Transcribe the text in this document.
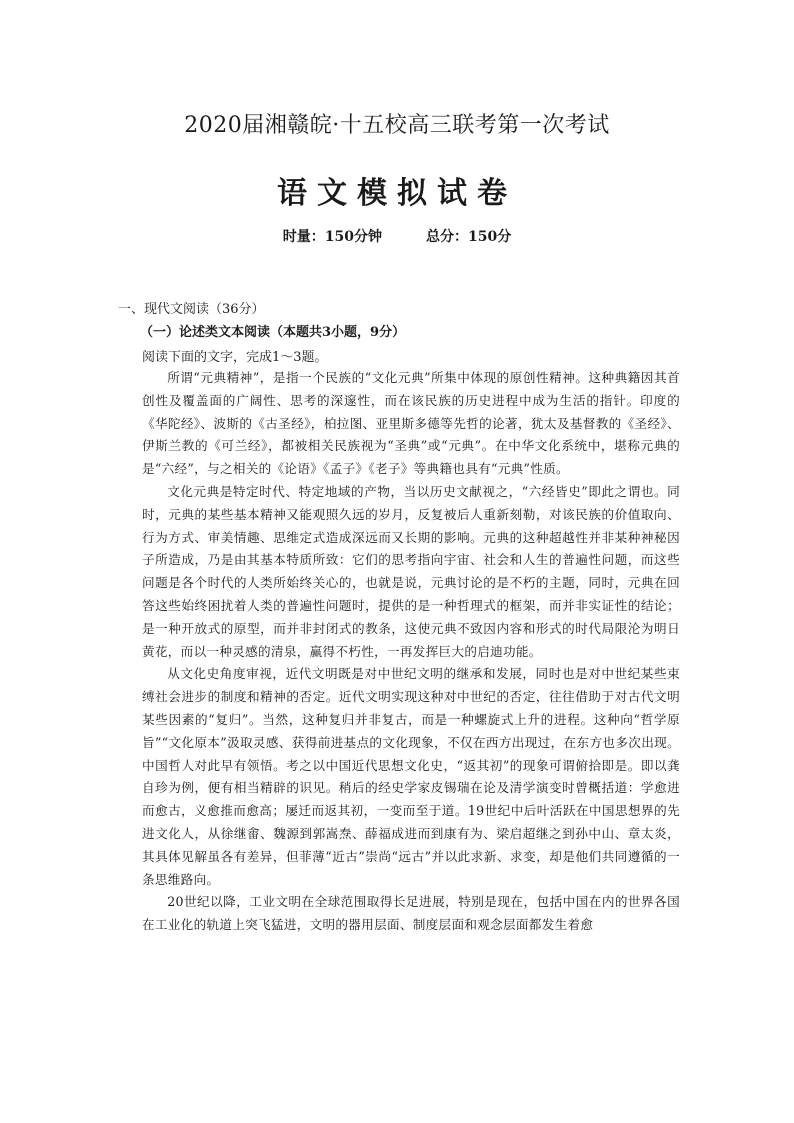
2020届湘赣皖·十五校高三联考第一次考试
语文模拟试卷
时量：150分钟	总分：150分
一、现代文阅读（36分）
（一）论述类文本阅读（本题共3小题，9分）
阅读下面的文字，完成1～3题。

所谓“元典精神”，是指一个民族的“文化元典”所集中体现的原创性精神。这种典籍因其首创性及覆盖面的广阔性、思考的深邃性，而在该民族的历史进程中成为生活的指针。印度的《华陀经》、波斯的《古圣经》，柏拉图、亚里斯多德等先哲的论著，犹太及基督教的《圣经》、伊斯兰教的《可兰经》，都被相关民族视为“圣典”或“元典”。在中华文化系统中，堪称元典的是“六经”，与之相关的《论语》《孟子》《老子》等典籍也具有“元典”性质。

文化元典是特定时代、特定地域的产物，当以历史文献视之，“六经皆史”即此之谓也。同时，元典的某些基本精神又能观照久远的岁月，反复被后人重新刻勒，对该民族的价值取向、行为方式、审美情趣、思维定式造成深远而又长期的影响。元典的这种超越性并非某种神秘因子所造成，乃是由其基本特质所致：它们的思考指向宇宙、社会和人生的普遍性问题，而这些问题是各个时代的人类所始终关心的，也就是说，元典讨论的是不朽的主题，同时，元典在回答这些始终困扰着人类的普遍性问题时，提供的是一种哲理式的框架，而并非实证性的结论；是一种开放式的原型，而并非封闭式的教条，这使元典不致因内容和形式的时代局限沦为明日黄花，而以一种灵感的清泉，赢得不朽性，一再发挥巨大的启迪功能。

从文化史角度审视，近代文明既是对中世纪文明的继承和发展，同时也是对中世纪某些束缚社会进步的制度和精神的否定。近代文明实现这种对中世纪的否定，往往借助于对古代文明某些因素的“复归”。当然，这种复归并非复古，而是一种螺旋式上升的进程。这种向“哲学原旨”“文化原本”汲取灵感、获得前进基点的文化现象，不仅在西方出现过，在东方也多次出现。中国哲人对此早有领悟。考之以中国近代思想文化史，“返其初”的现象可谓俯拾即是。即以龚自珍为例，便有相当精辟的识见。稍后的经史学家皮锡瑞在论及清学演变时曾概括道：学愈进而愈古，义愈推而愈高；屡迁而返其初，一变而至于道。19世纪中后叶活跃在中国思想界的先进文化人，从徐继畬、魏源到郭嵩焘、薛福成进而到康有为、梁启超继之到孙中山、章太炎，其具体见解虽各有差异，但菲薄“近古”崇尚“远古”并以此求新、求变，却是他们共同遵循的一条思维路向。

20世纪以降，工业文明在全球范围取得长足进展，特别是现在，包括中国在内的世界各国在工业化的轨道上突飞猛进，文明的器用层面、制度层面和观念层面都发生着愈
